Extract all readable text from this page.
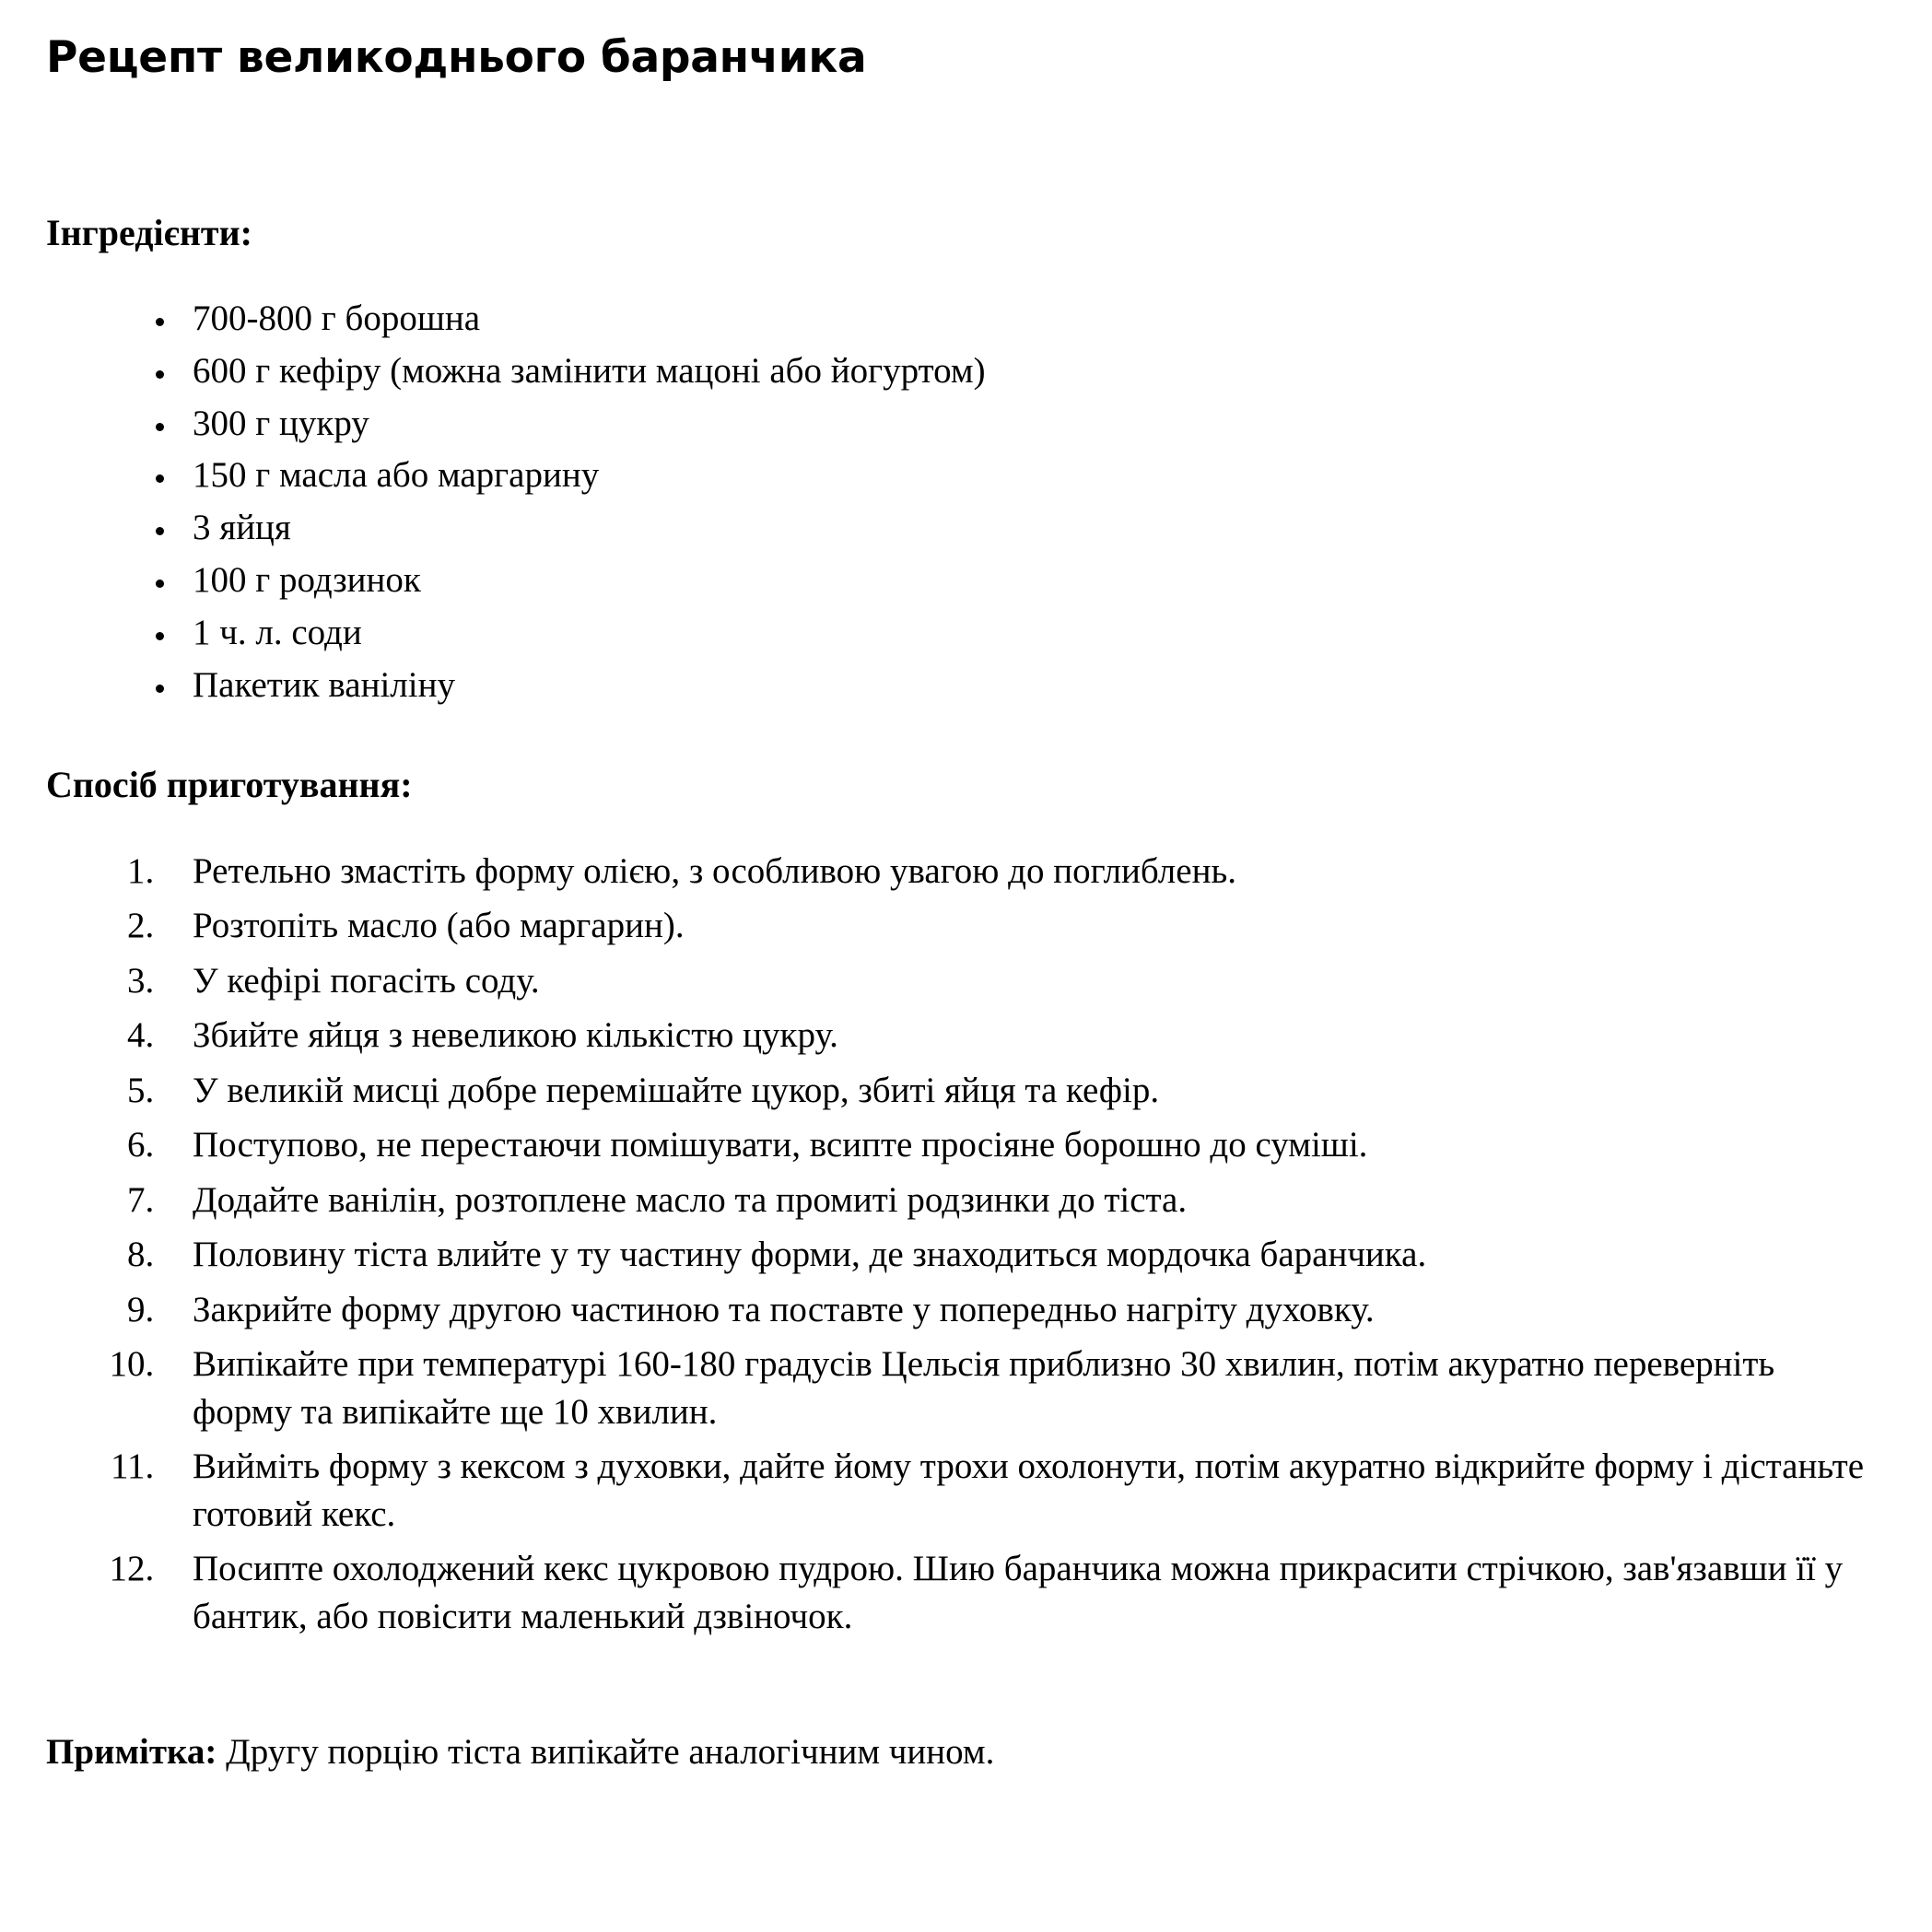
Рецепт великоднього баранчика
Інгредієнти:
• 700-800 г борошна
• 600 г кефіру (можна замінити мацоні або йогуртом)
• 300 г цукру
• 150 г масла або маргарину
• 3 яйця
• 100 г родзинок
• 1 ч. л. соди
• Пакетик ваніліну
Спосіб приготування:
1. Ретельно змастіть форму олією, з особливою увагою до поглиблень.
2. Розтопіть масло (або маргарин).
3. У кефірі погасіть соду.
4. Збийте яйця з невеликою кількістю цукру.
5. У великій мисці добре перемішайте цукор, збиті яйця та кефір.
6. Поступово, не перестаючи помішувати, всипте просіяне борошно до суміші.
7. Додайте ванілін, розтоплене масло та промиті родзинки до тіста.
8. Половину тіста влийте у ту частину форми, де знаходиться мордочка баранчика.
9. Закрийте форму другою частиною та поставте у попередньо нагріту духовку.
10. Випікайте при температурі 160-180 градусів Цельсія приблизно 30 хвилин, потім акуратно переверніть форму та випікайте ще 10 хвилин.
11. Вийміть форму з кексом з духовки, дайте йому трохи охолонути, потім акуратно відкрийте форму і дістаньте готовий кекс.
12. Посипте охолоджений кекс цукровою пудрою. Шию баранчика можна прикрасити стрічкою, зав'язавши її у бантик, або повісити маленький дзвіночок.

Примітка: Другу порцію тіста випікайте аналогічним чином.
